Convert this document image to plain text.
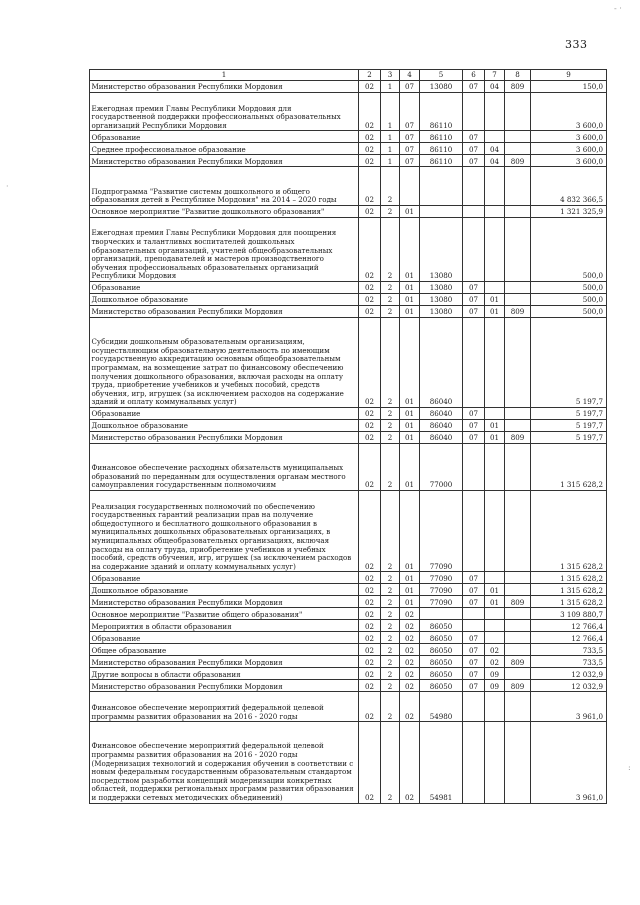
333
1	2	3	4	5	6	7	8	9
Министерство образования Республики Мордовия	02	1	07	13080	07	04	809	150,0
Ежегодная премия Главы Республики Мордовия для государственной поддержки профессиональных образовательных организаций Республики Мордовия	02	1	07	86110				3 600,0
Образование	02	1	07	86110	07			3 600,0
Среднее профессиональное образование	02	1	07	86110	07	04		3 600,0
Министерство образования Республики Мордовия	02	1	07	86110	07	04	809	3 600,0
Подпрограмма "Развитие системы дошкольного и общего образования детей в Республике Мордовия" на 2014 – 2020 годы	02	2						4 832 366,5
Основное мероприятие "Развитие дошкольного образования"	02	2	01					1 321 325,9
Ежегодная премия Главы Республики Мордовия для поощрения творческих и талантливых воспитателей дошкольных образовательных организаций, учителей общеобразовательных организаций, преподавателей и мастеров производственного обучения профессиональных образовательных организаций Республики Мордовия	02	2	01	13080				500,0
Образование	02	2	01	13080	07			500,0
Дошкольное образование	02	2	01	13080	07	01		500,0
Министерство образования Республики Мордовия	02	2	01	13080	07	01	809	500,0
Субсидии дошкольным образовательным организациям, осуществляющим образовательную деятельность по имеющим государственную аккредитацию основным общеобразовательным программам, на возмещение затрат по финансовому обеспечению получения дошкольного образования, включая расходы на оплату труда, приобретение учебников и учебных пособий, средств обучения, игр, игрушек (за исключением расходов на содержание зданий и оплату коммунальных услуг)	02	2	01	86040				5 197,7
Образование	02	2	01	86040	07			5 197,7
Дошкольное образование	02	2	01	86040	07	01		5 197,7
Министерство образования Республики Мордовия	02	2	01	86040	07	01	809	5 197,7
Финансовое обеспечение расходных обязательств муниципальных образований по переданным для осуществления органам местного самоуправления государственным полномочиям	02	2	01	77000				1 315 628,2
Реализация государственных полномочий по обеспечению государственных гарантий реализации прав на получение общедоступного и бесплатного дошкольного образования в муниципальных дошкольных образовательных организациях, в муниципальных общеобразовательных организациях, включая расходы на оплату труда, приобретение учебников и учебных пособий, средств обучения, игр, игрушек (за исключением расходов на содержание зданий и оплату коммунальных услуг)	02	2	01	77090				1 315 628,2
Образование	02	2	01	77090	07			1 315 628,2
Дошкольное образование	02	2	01	77090	07	01		1 315 628,2
Министерство образования Республики Мордовия	02	2	01	77090	07	01	809	1 315 628,2
Основное мероприятие "Развитие общего образования"	02	2	02					3 109 880,7
Мероприятия в области образования	02	2	02	86050				12 766,4
Образование	02	2	02	86050	07			12 766,4
Общее образование	02	2	02	86050	07	02		733,5
Министерство образования Республики Мордовия	02	2	02	86050	07	02	809	733,5
Другие вопросы в области образования	02	2	02	86050	07	09		12 032,9
Министерство образования Республики Мордовия	02	2	02	86050	07	09	809	12 032,9
Финансовое обеспечение мероприятий федеральной целевой программы развития образования на 2016 - 2020 годы	02	2	02	54980				3 961,0
Финансовое обеспечение мероприятий федеральной целевой программы развития образования на 2016 - 2020 годы (Модернизация технологий и содержания обучения в соответствии с новым федеральным государственным образовательным стандартом посредством разработки концепций модернизации конкретных областей, поддержки региональных программ развития образования и поддержки сетевых методических объединений)	02	2	02	54981				3 961,0
‐ ·
·
:
